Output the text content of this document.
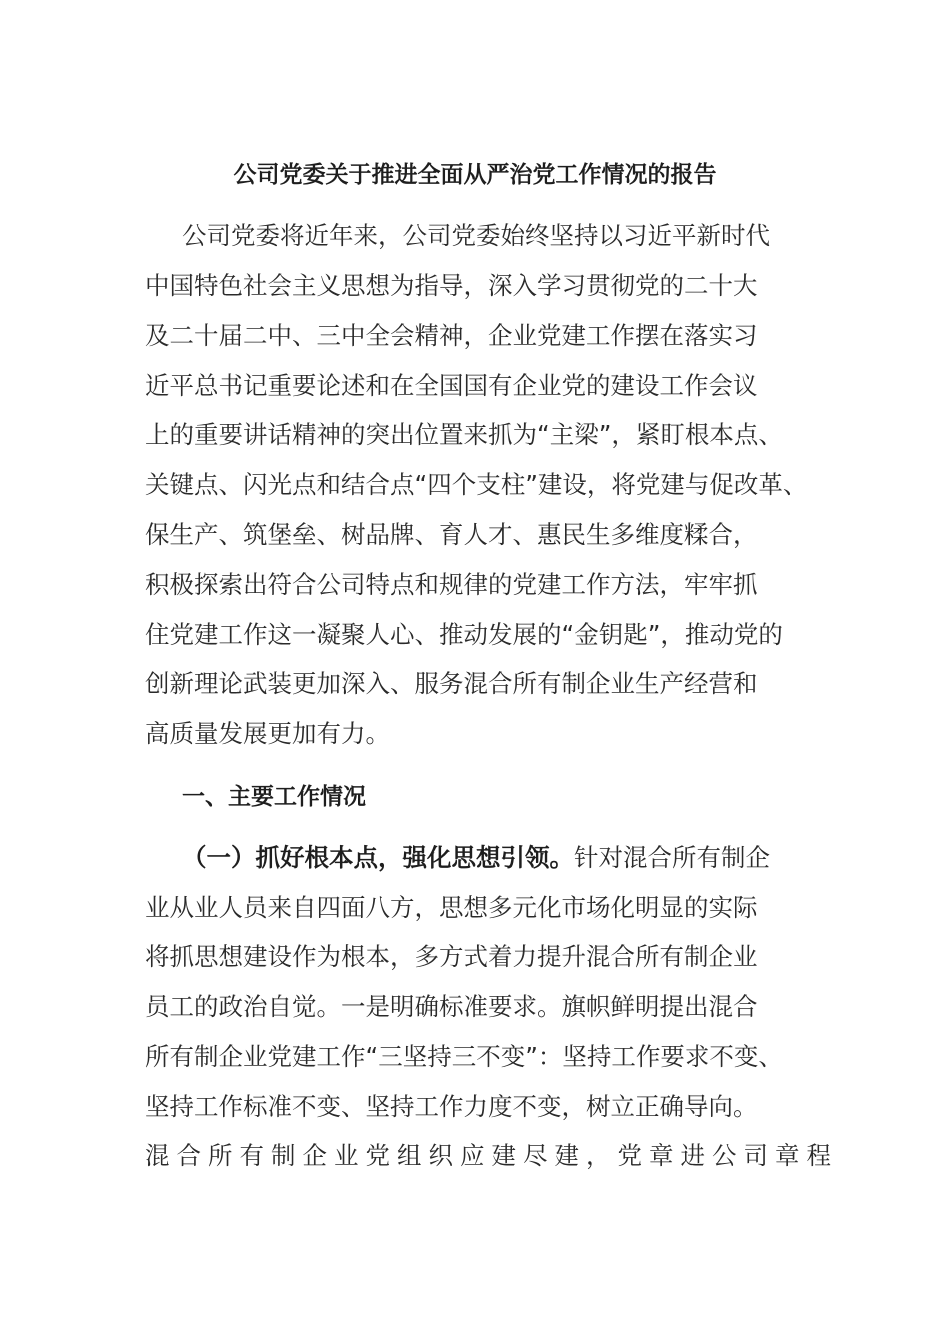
公司党委关于推进全面从严治党工作情况的报告
公司党委将近年来，公司党委始终坚持以习近平新时代
中国特色社会主义思想为指导，深入学习贯彻党的二十大
及二十届二中、三中全会精神，企业党建工作摆在落实习
近平总书记重要论述和在全国国有企业党的建设工作会议
上的重要讲话精神的突出位置来抓为“主梁”，紧盯根本点、
关键点、闪光点和结合点“四个支柱”建设，将党建与促改革、
保生产、筑堡垒、树品牌、育人才、惠民生多维度糅合，
积极探索出符合公司特点和规律的党建工作方法，牢牢抓
住党建工作这一凝聚人心、推动发展的“金钥匙”，推动党的
创新理论武装更加深入、服务混合所有制企业生产经营和
高质量发展更加有力。
一、主要工作情况
（一）抓好根本点，强化思想引领。针对混合所有制企
业从业人员来自四面八方，思想多元化市场化明显的实际
将抓思想建设作为根本，多方式着力提升混合所有制企业
员工的政治自觉。一是明确标准要求。旗帜鲜明提出混合
所有制企业党建工作“三坚持三不变”：坚持工作要求不变、
坚持工作标准不变、坚持工作力度不变，树立正确导向。
混合所有制企业党组织应建尽建，党章进公司章程
